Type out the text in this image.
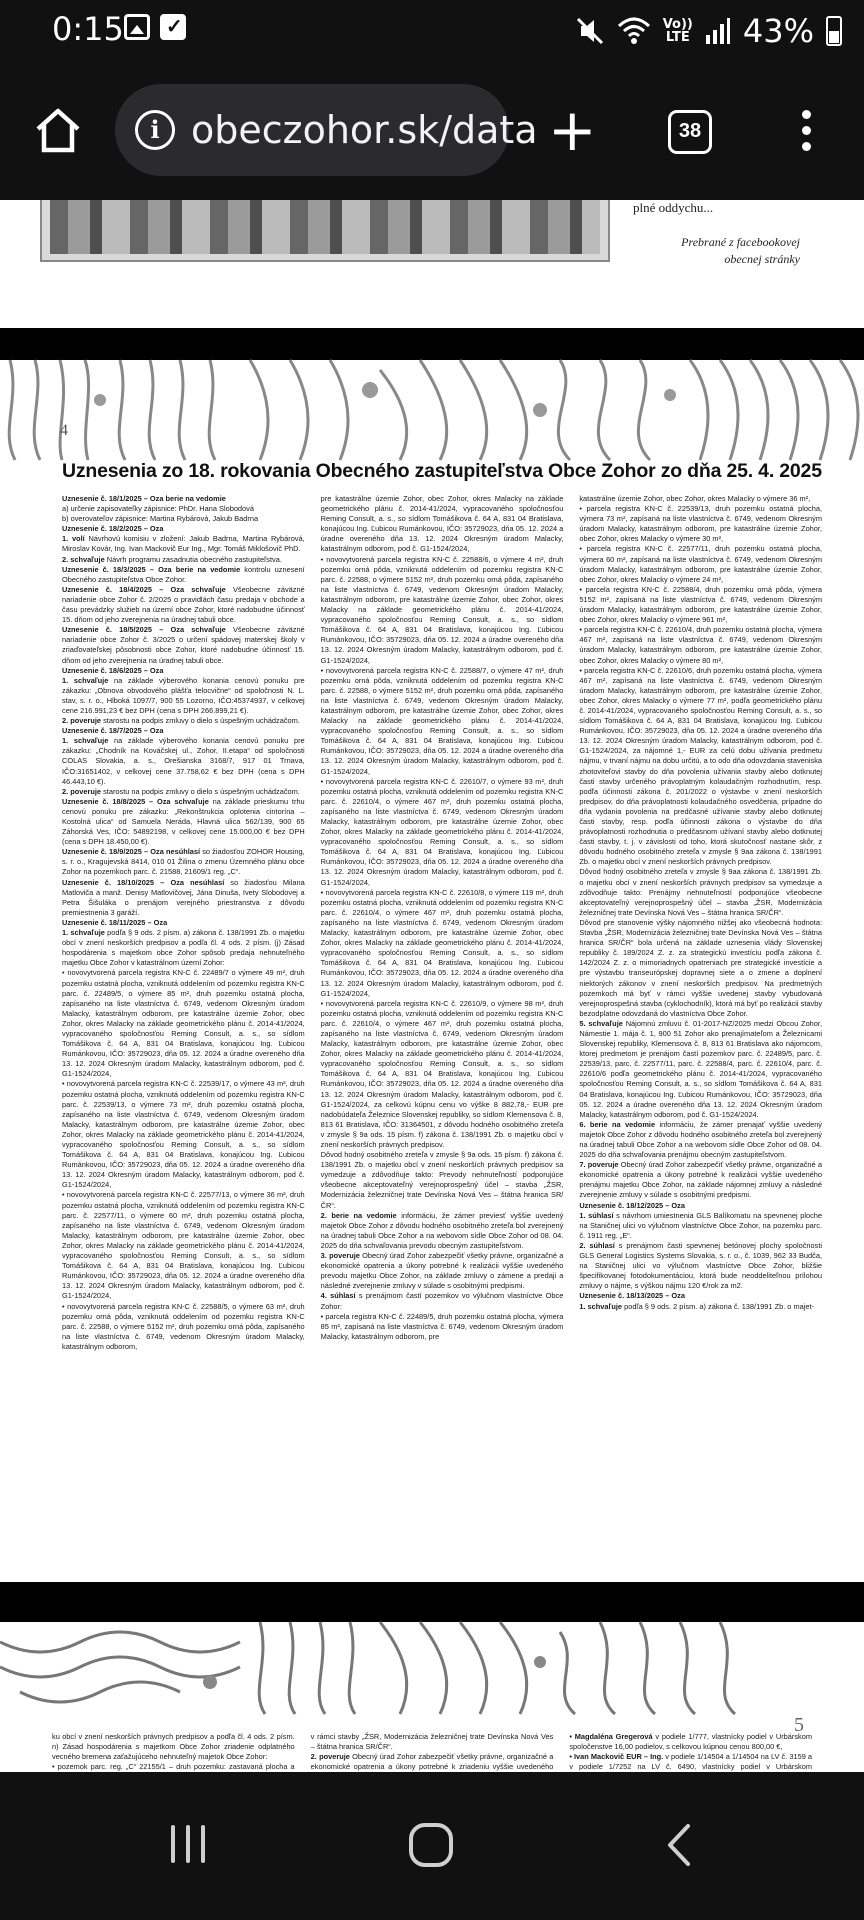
0:15
✓	Vo))
LTE 43%
i obeczohor.sk/data +	38
plné oddychu...
Prebrané z facebookovej
obecnej stránky
4
Uznesenia zo 18. rokovania Obecného zastupiteľstva Obce Zohor zo dňa 25. 4. 2025

Uznesenie č. 18/1/2025 – Oza berie na vedomie

a) určenie zapisovateľky zápisnice: PhDr. Hana Slobodová

b) overovateľov zápisnice: Martina Rybárová, Jakub Badrna

Uznesenie č. 18/2/2025 – Oza

1. volí Návrhovú komisiu v zložení: Jakub Badrna, Martina Rybárová, Miroslav Kovár, Ing. Ivan Mackovič Eur Ing., Mgr. Tomáš Miklošovič PhD.

2. schvaľuje Návrh programu zasadnutia obecného zastupiteľstva.

Uznesenie č. 18/3/2025 – Oza berie na vedomie kontrolu uznesení Obecného zastupiteľstva Obce Zohor.

Uznesenie č. 18/4/2025 – Oza schvaľuje Všeobecne záväzné nariadenie obce Zohor č. 2/2025 o pravidlách času predaja v obchode a času prevádzky služieb na území obce Zohor, ktoré nadobudne účinnosť 15. dňom od jeho zverejnenia na úradnej tabuli obce.

Uznesenie č. 18/5/2025 – Oza schvaľuje Všeobecne záväzné nariadenie obce Zohor č. 3/2025 o určení spádovej materskej školy v zriaďovateľskej pôsobnosti obce Zohor, ktoré nadobudne účinnosť 15. dňom od jeho zverejnenia na úradnej tabuli obce.

Uznesenie č. 18/6/2025 – Oza

1. schvaľuje na základe výberového konania cenovú ponuku pre zákazku: „Obnova obvodového plášťa telocvične“ od spoločnosti N. L. stav, s. r. o., Hlboká 1097/7, 900 55 Lozorno, IČO:45374937, v celkovej cene 216.991,23 € bez DPH (cena s DPH 266.899,21 €).

2. poveruje starostu na podpis zmluvy o dielo s úspešným uchádzačom.

Uznesenie č. 18/7/2025 – Oza

1. schvaľuje na základe výberového konania cenovú ponuku pre zákazku: „Chodník na Kováčskej ul., Zohor, II.etapa“ od spoločnosti COLAS Slovakia, a. s., Orešianska 3168/7, 917 01 Trnava, IČO:31651402, v celkovej cene 37.758,62 € bez DPH (cena s DPH 46.443,10 €).

2. poveruje starostu na podpis zmluvy o dielo s úspešným uchádzačom.

Uznesenie č. 18/8/2025 – Oza schvaľuje na základe prieskumu trhu cenovú ponuku pre zákazku: „Rekonštrukcia oplotenia cintorína – Kostolná ulica“ od Samuela Neráda, Hlavná ulica 562/139, 900 65 Záhorská Ves, IČO: 54892198, v celkovej cene 15.000,00 € bez DPH (cena s DPH 18.450,00 €).

Uznesenie č. 18/9/2025 – Oza nesúhlasí so žiadosťou ZOHOR Housing, s. r. o., Kragujevská 8414, 010 01 Žilina o zmenu Územného plánu obce Zohor na pozemkoch parc. č. 21588, 21609/1 reg. „C“.

Uznesenie č. 18/10/2025 – Oza nesúhlasí so žiadosťou Milana Matloviča a manž. Denisy Matlovičovej, Jána Dinuša, Ivety Slobodovej a Petra Šišuláka o prenájom verejného priestranstva z dôvodu premiestnenia 3 garáží.

Uznesenie č. 18/11/2025 – Oza

1. schvaľuje podľa § 9 ods. 2 písm. a) zákona č. 138/1991 Zb. o majetku obcí v znení neskorších predpisov a podľa čl. 4 ods. 2 písm. (j) Zásad hospodárenia s majetkom obce Zohor spôsob predaja nehnuteľného majetku Obce Zohor v katastrálnom území Zohor:

• novovytvorená parcela registra KN-C č. 22489/7 o výmere 49 m², druh pozemku ostatná plocha, vzniknutá oddelením od pozemku registra KN-C parc. č. 22489/5, o výmere 85 m², druh pozemku ostatná plocha, zapísaného na liste vlastníctva č. 6749, vedenom Okresným úradom Malacky, katastrálnym odborom, pre katastrálne územie Zohor, obec Zohor, okres Malacky na základe geometrického plánu č. 2014-41/2024, vypracovaného spoločnosťou Reming Consult, a. s., so sídlom Tomášikova č. 64 A, 831 04 Bratislava, konajúcou Ing. Ľubicou Rumánkovou, IČO: 35729023, dňa 05. 12. 2024 a úradne overeného dňa 13. 12. 2024 Okresným úradom Malacky, katastrálnym odborom, pod č. G1-1524/2024,

• novovytvorená parcela registra KN-C č. 22539/17, o výmere 43 m², druh pozemku ostatná plocha, vzniknutá oddelením od pozemku registra KN-C parc. č. 22539/13, o výmere 73 m², druh pozemku ostatná plocha, zapísaného na liste vlastníctva č. 6749, vedenom Okresným úradom Malacky, katastrálnym odborom, pre katastrálne územie Zohor, obec Zohor, okres Malacky na základe geometrického plánu č. 2014-41/2024, vypracovaného spoločnosťou Reming Consult, a. s., so sídlom Tomášikova č. 64 A, 831 04 Bratislava, konajúcou Ing. Ľubicou Rumánkovou, IČO: 35729023, dňa 05. 12. 2024 a úradne overeného dňa 13. 12. 2024 Okresným úradom Malacky, katastrálnym odborom, pod č. G1-1524/2024,

• novovytvorená parcela registra KN-C č. 22577/13, o výmere 36 m², druh pozemku ostatná plocha, vzniknutá oddelením od pozemku registra KN-C parc. č. 22577/11, o výmere 60 m², druh pozemku ostatná plocha, zapísaného na liste vlastníctva č. 6749, vedenom Okresným úradom Malacky, katastrálnym odborom, pre katastrálne územie Zohor, obec Zohor, okres Malacky na základe geometrického plánu č. 2014-41/2024, vypracovaného spoločnosťou Reming Consult, a. s., so sídlom Tomášikova č. 64 A, 831 04 Bratislava, konajúcou Ing. Ľubicou Rumánkovou, IČO: 35729023, dňa 05. 12. 2024 a úradne overeného dňa 13. 12. 2024 Okresným úradom Malacky, katastrálnym odborom, pod č. G1-1524/2024,

• novovytvorená parcela registra KN-C č. 22588/5, o výmere 63 m², druh pozemku orná pôda, vzniknutá oddelením od pozemku registra KN-C parc. č. 22588, o výmere 5152 m², druh pozemku orná pôda, zapísaného na liste vlastníctva č. 6749, vedenom Okresným úradom Malacky, katastrálnym odborom,

pre katastrálne územie Zohor, obec Zohor, okres Malacky na základe geometrického plánu č. 2014-41/2024, vypracovaného spoločnosťou Reming Consult, a. s., so sídlom Tomášikova č. 64 A, 831 04 Bratislava, konajúcou Ing. Ľubicou Rumánkovou, IČO: 35729023, dňa 05. 12. 2024 a úradne overeného dňa 13. 12. 2024 Okresným úradom Malacky, katastrálnym odborom, pod č. G1-1524/2024,

• novovytvorená parcela registra KN-C č. 22588/6, o výmere 4 m², druh pozemku orná pôda, vzniknutá oddelením od pozemku registra KN-C parc. č. 22588, o výmere 5152 m², druh pozemku orná pôda, zapísaného na liste vlastníctva č. 6749, vedenom Okresným úradom Malacky, katastrálnym odborom, pre katastrálne územie Zohor, obec Zohor, okres Malacky na základe geometrického plánu č. 2014-41/2024, vypracovaného spoločnosťou Reming Consult, a. s., so sídlom Tomášikova č. 64 A, 831 04 Bratislava, konajúcou Ing. Ľubicou Rumánkovou, IČO: 35729023, dňa 05. 12. 2024 a úradne overeného dňa 13. 12. 2024 Okresným úradom Malacky, katastrálnym odborom, pod č. G1-1524/2024,

• novovytvorená parcela registra KN-C č. 22588/7, o výmere 47 m², druh pozemku orná pôda, vzniknutá oddelením od pozemku registra KN-C parc. č. 22588, o výmere 5152 m², druh pozemku orná pôda, zapísaného na liste vlastníctva č. 6749, vedenom Okresným úradom Malacky, katastrálnym odborom, pre katastrálne územie Zohor, obec Zohor, okres Malacky na základe geometrického plánu č. 2014-41/2024, vypracovaného spoločnosťou Reming Consult, a. s., so sídlom Tomášikova č. 64 A, 831 04 Bratislava, konajúcou Ing. Ľubicou Rumánkovou, IČO: 35729023, dňa 05. 12. 2024 a úradne overeného dňa 13. 12. 2024 Okresným úradom Malacky, katastrálnym odborom, pod č. G1-1524/2024,

• novovytvorená parcela registra KN-C č. 22610/7, o výmere 93 m², druh pozemku ostatná plocha, vzniknutá oddelením od pozemku registra KN-C parc. č. 22610/4, o výmere 467 m², druh pozemku ostatná plocha, zapísaného na liste vlastníctva č. 6749, vedenom Okresným úradom Malacky, katastrálnym odborom, pre katastrálne územie Zohor, obec Zohor, okres Malacky na základe geometrického plánu č. 2014-41/2024, vypracovaného spoločnosťou Reming Consult, a. s., so sídlom Tomášikova č. 64 A, 831 04 Bratislava, konajúcou Ing. Ľubicou Rumánkovou, IČO: 35729023, dňa 05. 12. 2024 a úradne overeného dňa 13. 12. 2024 Okresným úradom Malacky, katastrálnym odborom, pod č. G1-1524/2024,

• novovytvorená parcela registra KN-C č. 22610/8, o výmere 119 m², druh pozemku ostatná plocha, vzniknutá oddelením od pozemku registra KN-C parc. č. 22610/4, o výmere 467 m², druh pozemku ostatná plocha, zapísaného na liste vlastníctva č. 6749, vedenom Okresným úradom Malacky, katastrálnym odborom, pre katastrálne územie Zohor, obec Zohor, okres Malacky na základe geometrického plánu č. 2014-41/2024, vypracovaného spoločnosťou Reming Consult, a. s., so sídlom Tomášikova č. 64 A, 831 04 Bratislava, konajúcou Ing. Ľubicou Rumánkovou, IČO: 35729023, dňa 05. 12. 2024 a úradne overeného dňa 13. 12. 2024 Okresným úradom Malacky, katastrálnym odborom, pod č. G1-1524/2024,

• novovytvorená parcela registra KN-C č. 22610/9, o výmere 98 m², druh pozemku ostatná plocha, vzniknutá oddelením od pozemku registra KN-C parc. č. 22610/4, o výmere 467 m², druh pozemku ostatná plocha, zapísaného na liste vlastníctva č. 6749, vedenom Okresným úradom Malacky, katastrálnym odborom, pre katastrálne územie Zohor, obec Zohor, okres Malacky na základe geometrického plánu č. 2014-41/2024, vypracovaného spoločnosťou Reming Consult, a. s., so sídlom Tomášikova č. 64 A, 831 04 Bratislava, konajúcou Ing. Ľubicou Rumánkovou, IČO: 35729023, dňa 05. 12. 2024 a úradne overeného dňa 13. 12. 2024 Okresným úradom Malacky, katastrálnym odborom, pod č. G1-1524/2024, za celkovú kúpnu cenu vo výške 8 882,78,- EUR pre nadobúdateľa Železnice Slovenskej republiky, so sídlom Klemensova č. 8, 813 61 Bratislava, IČO: 31364501, z dôvodu hodného osobitného zreteľa v zmysle § 9a ods. 15 písm. f) zákona č. 138/1991 Zb. o majetku obcí v znení neskorších právnych predpisov.

Dôvod hodný osobitného zreteľa v zmysle § 9a ods. 15 písm. f) zákona č. 138/1991 Zb. o majetku obcí v znení neskorších právnych predpisov sa vymedzuje a zdôvodňuje takto: Prevody nehnuteľností podporujúce všeobecne akceptovateľný verejnoprospešný účel – stavba „ŽSR, Modernizácia železničnej trate Devínska Nová Ves – štátna hranica SR/ČR“.

2. berie na vedomie informáciu, že zámer previesť vyššie uvedený majetok Obce Zohor z dôvodu hodného osobitného zreteľa bol zverejnený na úradnej tabuli Obce Zohor a na webovom sídle Obce Zohor od 08. 04. 2025 do dňa schvaľovania prevodu obecným zastupiteľstvom.

3. poveruje Obecný úrad Zohor zabezpečiť všetky právne, organizačné a ekonomické opatrenia a úkony potrebné k realizácii vyššie uvedeného prevodu majetku Obce Zohor, na základe zmluvy o zámene a predaji a následné zverejnenie zmluvy v súlade s osobitnými predpismi.

4. súhlasí s prenájmom častí pozemkov vo výlučnom vlastníctve Obce Zohor:

• parcela registra KN-C č. 22489/5, druh pozemku ostatná plocha, výmera 85 m², zapísaná na liste vlastníctva č. 6749, vedenom Okresným úradom Malacky, katastrálnym odborom, pre

katastrálne územie Zohor, obec Zohor, okres Malacky o výmere 36 m²,

• parcela registra KN-C č. 22539/13, druh pozemku ostatná plocha, výmera 73 m², zapísaná na liste vlastníctva č. 6749, vedenom Okresným úradom Malacky, katastrálnym odborom, pre katastrálne územie Zohor, obec Zohor, okres Malacky o výmere 30 m²,

• parcela registra KN-C č. 22577/11, druh pozemku ostatná plocha, výmera 60 m², zapísaná na liste vlastníctva č. 6749, vedenom Okresným úradom Malacky, katastrálnym odborom, pre katastrálne územie Zohor, obec Zohor, okres Malacky o výmere 24 m²,

• parcela registra KN-C č. 22588/4, druh pozemku orná pôda, výmera 5152 m², zapísaná na liste vlastníctva č. 6749, vedenom Okresným úradom Malacky, katastrálnym odborom, pre katastrálne územie Zohor, obec Zohor, okres Malacky o výmere 961 m²,

• parcela registra KN-C č. 22610/4, druh pozemku ostatná plocha, výmera 467 m², zapísaná na liste vlastníctva č. 6749, vedenom Okresným úradom Malacky, katastrálnym odborom, pre katastrálne územie Zohor, obec Zohor, okres Malacky o výmere 80 m²,

• parcela registra KN-C č. 22610/6, druh pozemku ostatná plocha, výmera 467 m², zapísaná na liste vlastníctva č. 6749, vedenom Okresným úradom Malacky, katastrálnym odborom, pre katastrálne územie Zohor, obec Zohor, okres Malacky o výmere 77 m², podľa geometrického plánu č. 2014-41/2024, vypracovaného spoločnosťou Reming Consult, a. s., so sídlom Tomášikova č. 64 A, 831 04 Bratislava, konajúcou Ing. Ľubicou Rumánkovou, IČO: 35729023, dňa 05. 12. 2024 a úradne overeného dňa 13. 12. 2024 Okresným úradom Malacky, katastrálnym odborom, pod č. G1-1524/2024, za nájomné 1,- EUR za celú dobu užívania predmetu nájmu, v trvaní nájmu na dobu určitú, a to odo dňa odovzdania staveniska zhotoviteľovi stavby do dňa povolenia užívania stavby alebo dotknutej časti stavby určeného právoplatným kolaudačným rozhodnutím, resp. podľa účinnosti zákona č. 201/2022 o výstavbe v znení neskorších predpisov, do dňa právoplatnosti kolaudačného osvedčenia, prípadne do dňa vydania povolenia na predčasné užívanie stavby alebo dotknutej časti stavby, resp. podľa účinnosti zákona o výstavbe do dňa právoplatnosti rozhodnutia o predčasnom užívaní stavby alebo dotknutej časti stavby, t. j. v závislosti od toho, ktorá skutočnosť nastane skôr, z dôvodu hodného osobitného zreteľa v zmysle § 9aa zákona č. 138/1991 Zb. o majetku obcí v znení neskorších právnych predpisov.

Dôvod hodný osobitného zreteľa v zmysle § 9aa zákona č. 138/1991 Zb. o majetku obcí v znení neskorších právnych predpisov sa vymedzuje a zdôvodňuje takto: Prenájmy nehnuteľností podporujúce všeobecne akceptovateľný verejnoprospešný účel – stavba „ŽSR, Modernizácia železničnej trate Devínska Nová Ves – štátna hranica SR/ČR“.

Dôvod pre stanovenie výšky nájomného nižšej ako všeobecná hodnota: Stavba „ŽSR, Modernizácia železničnej trate Devínska Nová Ves – štátna hranica SR/ČR“ bola určená na základe uznesenia vlády Slovenskej republiky č. 189/2024 Z. z. za strategickú investíciu podľa zákona č. 142/2024 Z. z. o mimoriadnych opatreniach pre strategické investície a pre výstavbu transeurópskej dopravnej siete a o zmene a doplnení niektorých zákonov v znení neskorších predpisov. Na predmetných pozemkoch má byť v rámci vyššie uvedenej stavby vybudovaná verejnoprospešná stavba (cyklochodník), ktorá má byť po realizácii stavby bezodplatne odovzdaná do vlastníctva Obce Zohor.

5. schvaľuje Nájomnú zmluvu č. 01-2017-NZ/2025 medzi Obcou Zohor, Námestie 1. mája č. 1, 900 51 Zohor ako prenajímateľom a Železnicami Slovenskej republiky, Klemensova č. 8, 813 61 Bratislava ako nájomcom, ktorej predmetom je prenájom častí pozemkov parc. č. 22489/5, parc. č. 22539/13, parc. č. 22577/11, parc. č. 22588/4, parc. č. 22610/4, parc. č. 22610/6 podľa geometrického plánu č. 2014-41/2024, vypracovaného spoločnosťou Reming Consult, a. s., so sídlom Tomášikova č. 64 A, 831 04 Bratislava, konajúcou Ing. Ľubicou Rumánkovou, IČO: 35729023, dňa 05. 12. 2024 a úradne overeného dňa 13. 12. 2024 Okresným úradom Malacky, katastrálnym odborom, pod č. G1-1524/2024.

6. berie na vedomie informáciu, že zámer prenajať vyššie uvedený majetok Obce Zohor z dôvodu hodného osobitného zreteľa bol zverejnený na úradnej tabuli Obce Zohor a na webovom sídle Obce Zohor od 08. 04. 2025 do dňa schvaľovania prenájmu obecným zastupiteľstvom.

7. poveruje Obecný úrad Zohor zabezpečiť všetky právne, organizačné a ekonomické opatrenia a úkony potrebné k realizácii vyššie uvedeného prenájmu majetku Obce Zohor, na základe nájomnej zmluvy a následné zverejnenie zmluvy v súlade s osobitnými predpismi.

Uznesenie č. 18/12/2025 – Oza

1. súhlasí s návrhom umiestnenia GLS Balíkomatu na spevnenej ploche na Staničnej ulici vo výlučnom vlastníctve Obce Zohor, na pozemku parc. č. 1911 reg. „E“.

2. súhlasí s prenájmom časti spevnenej betónovej plochy spoločnosti GLS General Logistics Systems Slovakia, s. r. o., č. 1039, 962 33 Budča, na Staničnej ulici vo výlučnom vlastníctve Obce Zohor, bližšie špecifikovanej fotodokumentáciou, ktorá bude neoddeliteľnou prílohou zmluvy o nájme, s výškou nájmu 120 €/rok za m2.

Uznesenie č. 18/13/2025 – Oza

1. schvaľuje podľa § 9 ods. 2 písm. a) zákona č. 138/1991 Zb. o majet-

5

ku obcí v znení neskorších právnych predpisov a podľa čl. 4 ods. 2 písm. n) Zásad hospodárenia s majetkom Obce Zohor zriadenie odplatného vecného bremena zaťažujúceho nehnuteľný majetok Obce Zohor:

• pozemok parc. reg. „C“ 22155/1 – druh pozemku: zastavaná plocha a

v rámci stavby „ŽSR, Modernizácia železničnej trate Devínska Nová Ves – štátna hranica SR/ČR“.

2. poveruje Obecný úrad Zohor zabezpečiť všetky právne, organizačné a ekonomické opatrenia a úkony potrebné k zriadeniu vyššie uvedeného

• Magdaléna Gregerová v podiele 1/777, vlastnícky podiel v Urbárskom spoločenstve 16,00 podielov, s celkovou kúpnou cenou 800,00 €,

• Ivan Mackovič EUR – Ing. v podiele 1/14504 a 1/14504 na LV č. 3159 a v podiele 1/7252 na LV č. 6490, vlastnícky podiel v Urbárskom
